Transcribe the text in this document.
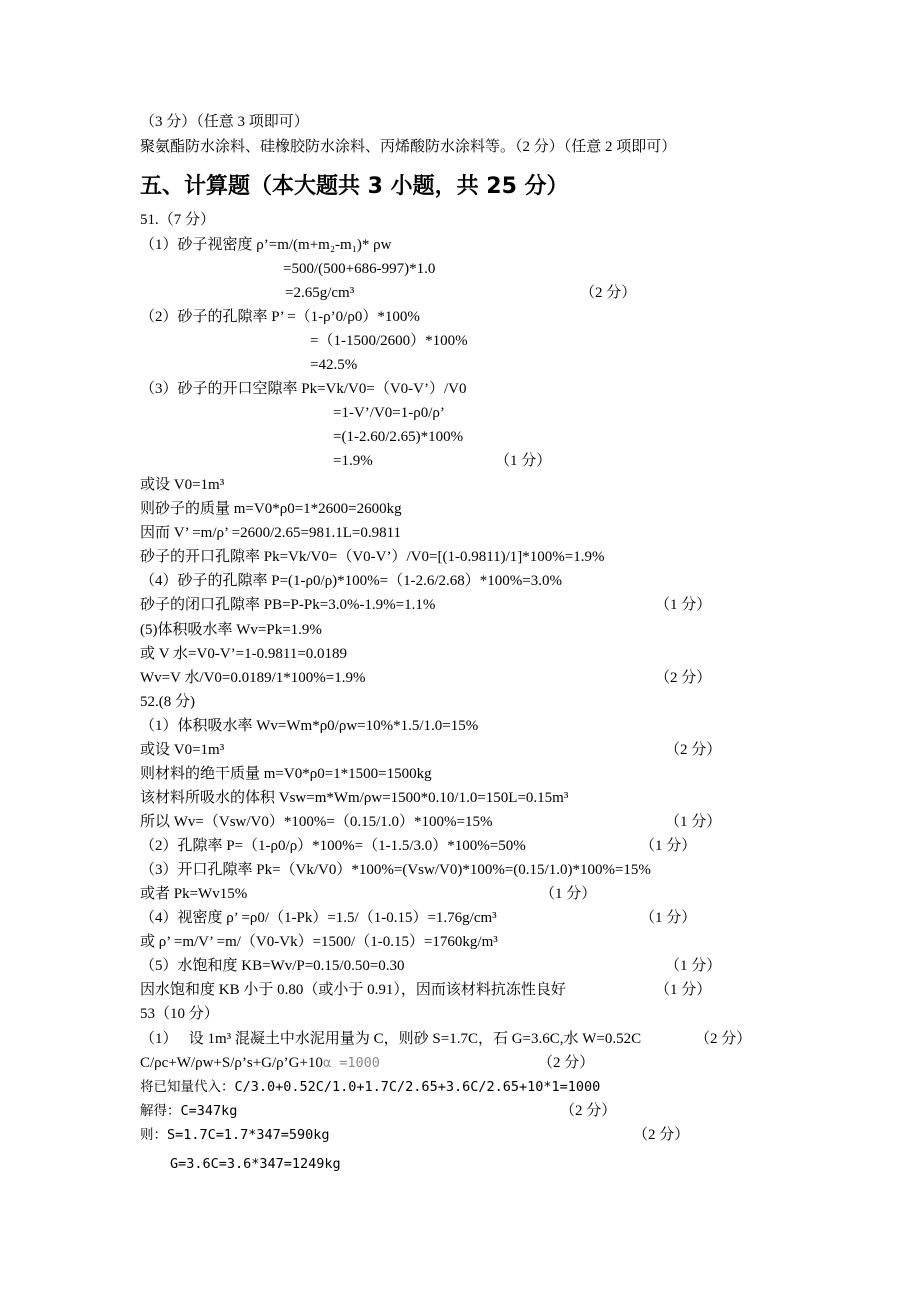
（3 分）（任意 3 项即可）
聚氨酯防水涂料、硅橡胶防水涂料、丙烯酸防水涂料等。（2 分）（任意 2 项即可）
五、计算题（本大题共 3 小题，共 25 分）
51.（7 分）
（1）砂子视密度 ρ’=m/(m+m₂-m₁)* ρw
=500/(500+686-997)*1.0
=2.65g/cm³	（2 分）
（2）砂子的孔隙率 P’ =（1-ρ’0/ρ0）*100%
=（1-1500/2600）*100%
=42.5%
（3）砂子的开口空隙率 Pk=Vk/V0=（V0-V’）/V0
=1-V’/V0=1-ρ0/ρ’
=(1-2.60/2.65)*100%
=1.9%	（1 分）
或设 V0=1m³
则砂子的质量 m=V0*ρ0=1*2600=2600kg
因而 V’ =m/ρ’ =2600/2.65=981.1L=0.9811
砂子的开口孔隙率 Pk=Vk/V0=（V0-V’）/V0=[(1-0.9811)/1]*100%=1.9%
（4）砂子的孔隙率 P=(1-ρ0/ρ)*100%=（1-2.6/2.68）*100%=3.0%
砂子的闭口孔隙率 PB=P-Pk=3.0%-1.9%=1.1%	（1 分）
(5)体积吸水率 Wv=Pk=1.9%
或 V 水=V0-V’=1-0.9811=0.0189
Wv=V 水/V0=0.0189/1*100%=1.9%	（2 分）
52.(8 分)
（1）体积吸水率 Wv=Wm*ρ0/ρw=10%*1.5/1.0=15%
或设 V0=1m³	（2 分）
则材料的绝干质量 m=V0*ρ0=1*1500=1500kg
该材料所吸水的体积 Vsw=m*Wm/ρw=1500*0.10/1.0=150L=0.15m³
所以 Wv=（Vsw/V0）*100%=（0.15/1.0）*100%=15%	（1 分）
（2）孔隙率 P=（1-ρ0/ρ）*100%=（1-1.5/3.0）*100%=50%	（1 分）
（3）开口孔隙率 Pk=（Vk/V0）*100%=(Vsw/V0)*100%=(0.15/1.0)*100%=15%
或者 Pk=Wv15%	（1 分）
（4）视密度 ρ’ =ρ0/（1-Pk）=1.5/（1-0.15）=1.76g/cm³	（1 分）
或 ρ’ =m/V’ =m/（V0-Vk）=1500/（1-0.15）=1760kg/m³
（5）水饱和度 KB=Wv/P=0.15/0.50=0.30	（1 分）
因水饱和度 KB 小于 0.80（或小于 0.91），因而该材料抗冻性良好	（1 分）
53（10 分）
（1）   设 1m³ 混凝土中水泥用量为 C，则砂 S=1.7C，石 G=3.6C,水 W=0.52C	（2 分）
C/ρc+W/ρw+S/ρ’s+G/ρ’G+10α =1000	（2 分）
将已知量代入：C/3.0+0.52C/1.0+1.7C/2.65+3.6C/2.65+10*1=1000
解得：C=347kg	（2 分）
则：S=1.7C=1.7*347=590kg	（2 分）
G=3.6C=3.6*347=1249kg
